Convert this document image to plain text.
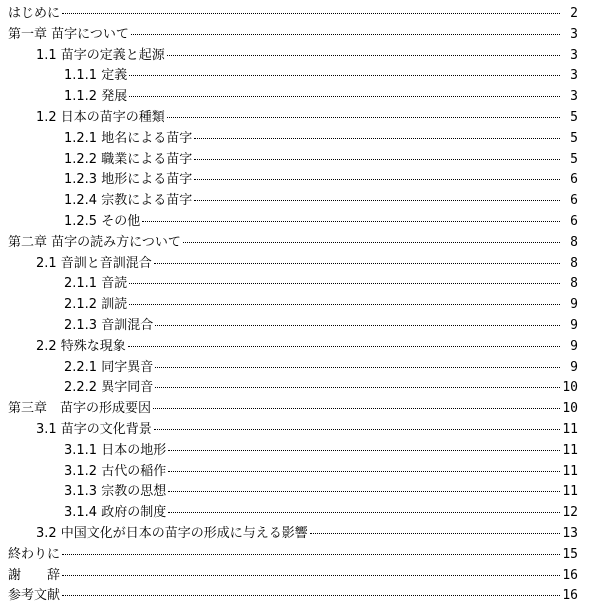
はじめに	2
第一章 苗字について	3
1.1 苗字の定義と起源	3
1.1.1 定義	3
1.1.2 発展	3
1.2 日本の苗字の種類	5
1.2.1 地名による苗字	5
1.2.2 職業による苗字	5
1.2.3 地形による苗字	6
1.2.4 宗教による苗字	6
1.2.5 その他	6
第二章 苗字の読み方について	8
2.1 音訓と音訓混合	8
2.1.1 音読	8
2.1.2 訓読	9
2.1.3 音訓混合	9
2.2 特殊な現象	9
2.2.1 同字異音	9
2.2.2 異字同音	10
第三章　苗字の形成要因	10
3.1 苗字の文化背景	11
3.1.1 日本の地形	11
3.1.2 古代の稲作	11
3.1.3 宗教の思想	11
3.1.4 政府の制度	12
3.2 中国文化が日本の苗字の形成に与える影響	13
終わりに	15
謝　　辞	16
参考文献	16
